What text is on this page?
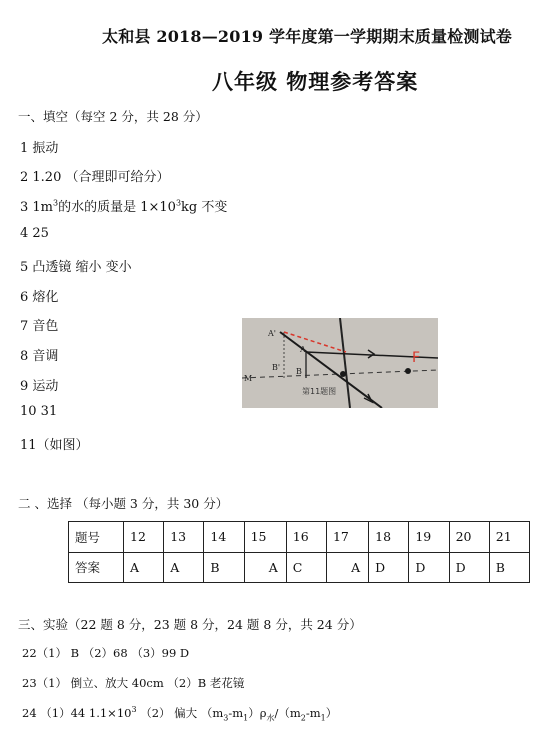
太和县 2018—2019 学年度第一学期期末质量检测试卷
八年级 物理参考答案
一、填空（每空 2 分，共 28 分）
1 振动
2 1.20 （合理即可给分）
3 $1m^3$的水的质量是 $1\times 10^3kg$ 不变
4 25
5 凸透镜 缩小 变小
6 熔化
7 音色
8 音调
9 运动
10 31
11（如图）
A'
B'
A
B
M
F
第11题图
二 、选择 （每小题 3 分，共 30 分）
题号	12	13	14	15	16	17	18	19	20	21
答案	A	A	B	A	C	A	D	D	D	B
三、实验（22 题 8 分，23 题 8 分，24 题 8 分，共 24 分）
22（1） B （2）68 （3）99 D
23（1） 倒立、放大 40cm （2）B 老花镜
24 （1）44 $1.1\times 10^3$ （2） 偏大 $(m_3-m_1)\rho_水/(m_2-m_1)$
